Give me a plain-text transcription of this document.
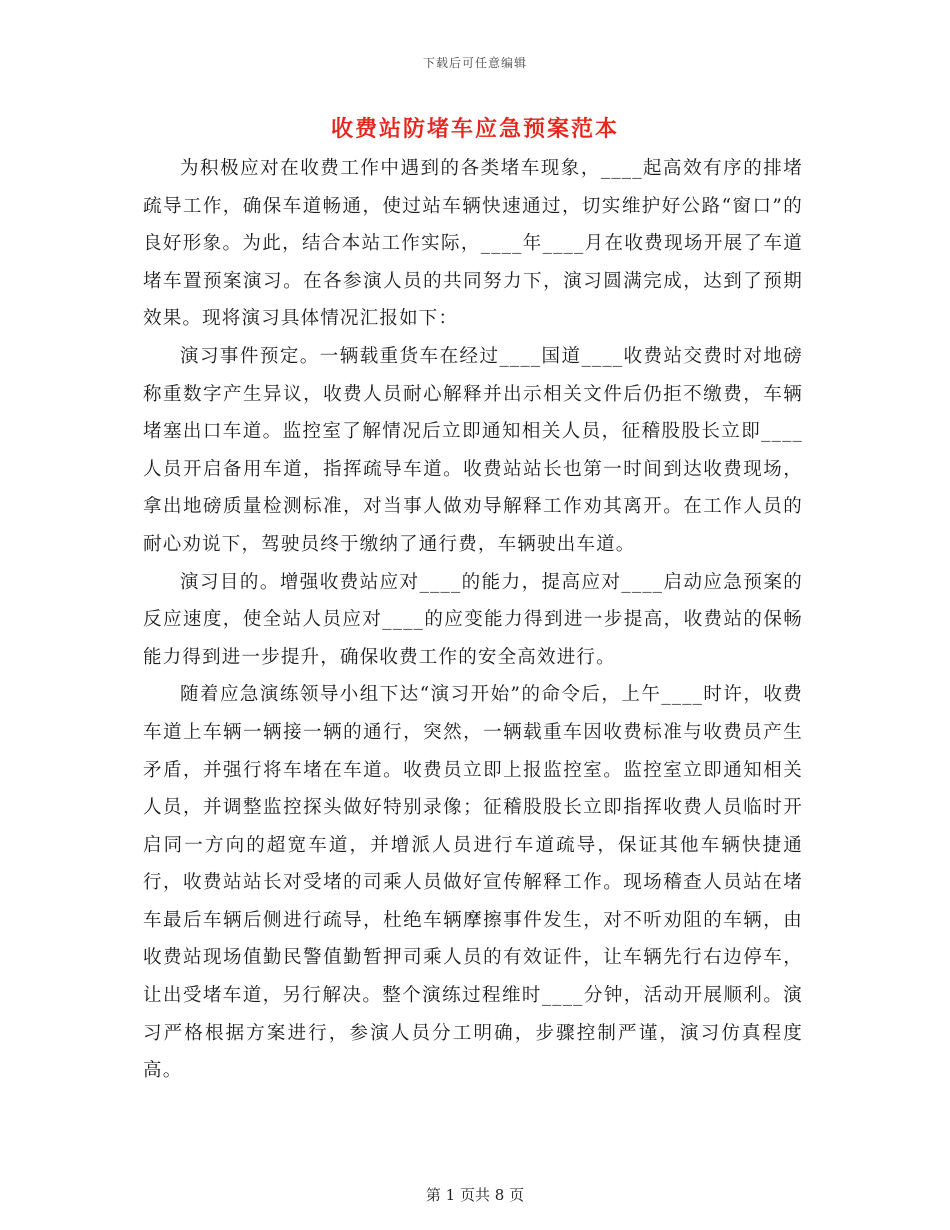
下载后可任意编辑
收费站防堵车应急预案范本

为积极应对在收费工作中遇到的各类堵车现象，____起高效有序的排堵疏导工作，确保车道畅通，使过站车辆快速通过，切实维护好公路“窗口”的良好形象。为此，结合本站工作实际，____年____月在收费现场开展了车道堵车置预案演习。在各参演人员的共同努力下，演习圆满完成，达到了预期效果。现将演习具体情况汇报如下：

演习事件预定。一辆载重货车在经过____国道____收费站交费时对地磅称重数字产生异议，收费人员耐心解释并出示相关文件后仍拒不缴费，车辆堵塞出口车道。监控室了解情况后立即通知相关人员，征稽股股长立即____人员开启备用车道，指挥疏导车道。收费站站长也第一时间到达收费现场，拿出地磅质量检测标准，对当事人做劝导解释工作劝其离开。在工作人员的耐心劝说下，驾驶员终于缴纳了通行费，车辆驶出车道。

演习目的。增强收费站应对____的能力，提高应对____启动应急预案的反应速度，使全站人员应对____的应变能力得到进一步提高，收费站的保畅能力得到进一步提升，确保收费工作的安全高效进行。

随着应急演练领导小组下达“演习开始”的命令后，上午____时许，收费车道上车辆一辆接一辆的通行，突然，一辆载重车因收费标准与收费员产生矛盾，并强行将车堵在车道。收费员立即上报监控室。监控室立即通知相关人员，并调整监控探头做好特别录像；征稽股股长立即指挥收费人员临时开启同一方向的超宽车道，并增派人员进行车道疏导，保证其他车辆快捷通行，收费站站长对受堵的司乘人员做好宣传解释工作。现场稽查人员站在堵车最后车辆后侧进行疏导，杜绝车辆摩擦事件发生，对不听劝阻的车辆，由收费站现场值勤民警值勤暂押司乘人员的有效证件，让车辆先行右边停车，让出受堵车道，另行解决。整个演练过程维时____分钟，活动开展顺利。演习严格根据方案进行，参演人员分工明确，步骤控制严谨，演习仿真程度高。

第 1 页共 8 页
